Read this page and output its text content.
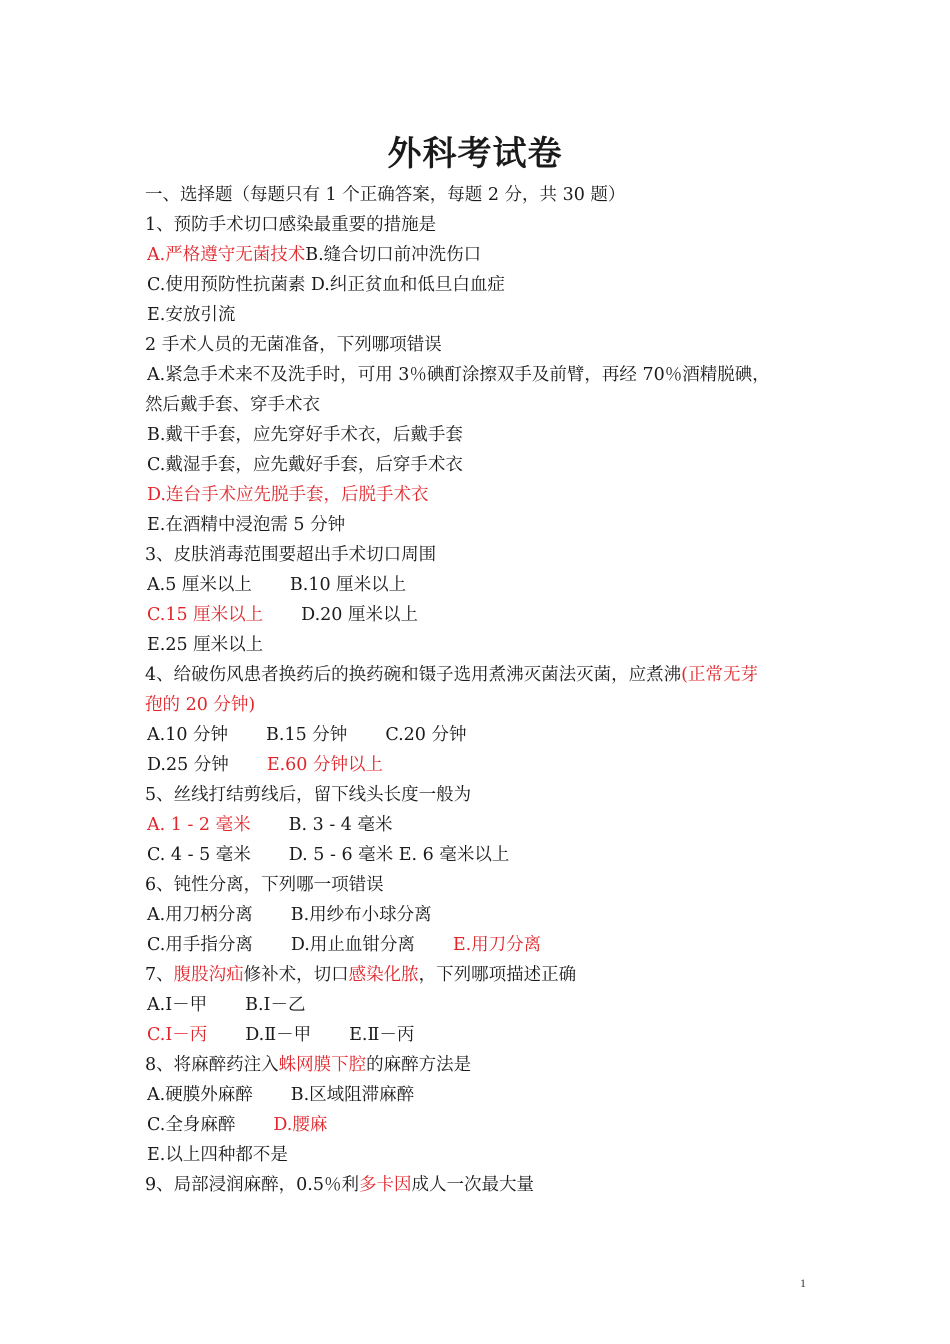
外科考试卷
一、选择题（每题只有 1 个正确答案，每题 2 分，共 30 题）
1、预防手术切口感染最重要的措施是
A.严格遵守无菌技术B.缝合切口前冲洗伤口
C.使用预防性抗菌素 D.纠正贫血和低旦白血症
E.安放引流
2 手术人员的无菌准备，下列哪项错误
A.紧急手术来不及洗手时，可用 3％碘酊涂擦双手及前臂，再经 70％酒精脱碘，
然后戴手套、穿手术衣
B.戴干手套，应先穿好手术衣，后戴手套
C.戴湿手套，应先戴好手套，后穿手术衣
D.连台手术应先脱手套，后脱手术衣
E.在酒精中浸泡需 5 分钟
3、皮肤消毒范围要超出手术切口周围
A.5 厘米以上 B.10 厘米以上
C.15 厘米以上 D.20 厘米以上
E.25 厘米以上
4、给破伤风患者换药后的换药碗和镊子选用煮沸灭菌法灭菌，应煮沸(正常无芽
孢的 20 分钟)
A.10 分钟 B.15 分钟 C.20 分钟
D.25 分钟 E.60 分钟以上
5、丝线打结剪线后，留下线头长度一般为
A. 1 - 2 毫米 B. 3 - 4 毫米
C. 4 - 5 毫米 D. 5 - 6 毫米 E. 6 毫米以上
6、钝性分离，下列哪一项错误
A.用刀柄分离 B.用纱布小球分离
C.用手指分离 D.用止血钳分离 E.用刀分离
7、腹股沟疝修补术，切口感染化脓，下列哪项描述正确
A.Ⅰ－甲 B.Ⅰ－乙
C.Ⅰ－丙 D.Ⅱ－甲 E.Ⅱ－丙
8、将麻醉药注入蛛网膜下腔的麻醉方法是
A.硬膜外麻醉 B.区域阻滞麻醉
C.全身麻醉 D.腰麻
E.以上四种都不是
9、局部浸润麻醉，0.5％利多卡因成人一次最大量
1
